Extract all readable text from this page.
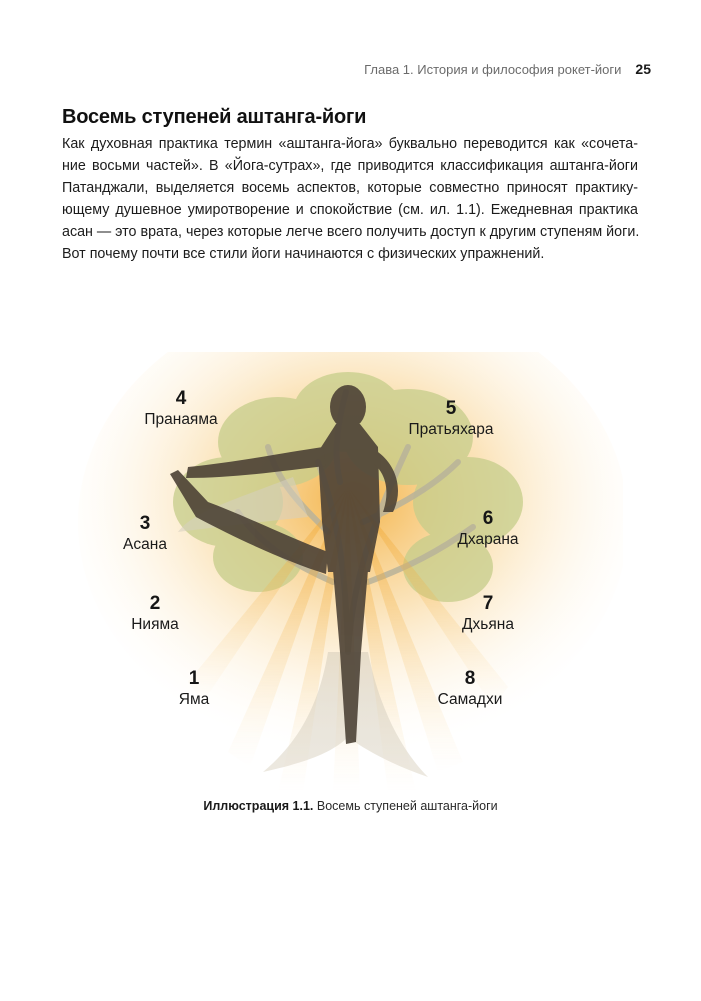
Глава 1. История и философия рокет-йоги 25
Восемь ступеней аштанга-йоги
Как духовная практика термин «аштанга-йога» буквально переводится как «сочета-
ние восьми частей». В «Йога-сутрах», где приводится классификация аштанга-йоги
Патанджали, выделяется восемь аспектов, которые совместно приносят практику-
ющему душевное умиротворение и спокойствие (см. ил. 1.1). Ежедневная практика
асан — это врата, через которые легче всего получить доступ к другим ступеням йоги.
Вот почему почти все стили йоги начинаются с физических упражнений.
4
Пранаяма
5
Пратьяхара
3
Асана
6
Дхарана
2
Нияма
7
Дхьяна
1
Яма
8
Самадхи
Иллюстрация 1.1. Восемь ступеней аштанга-йоги
